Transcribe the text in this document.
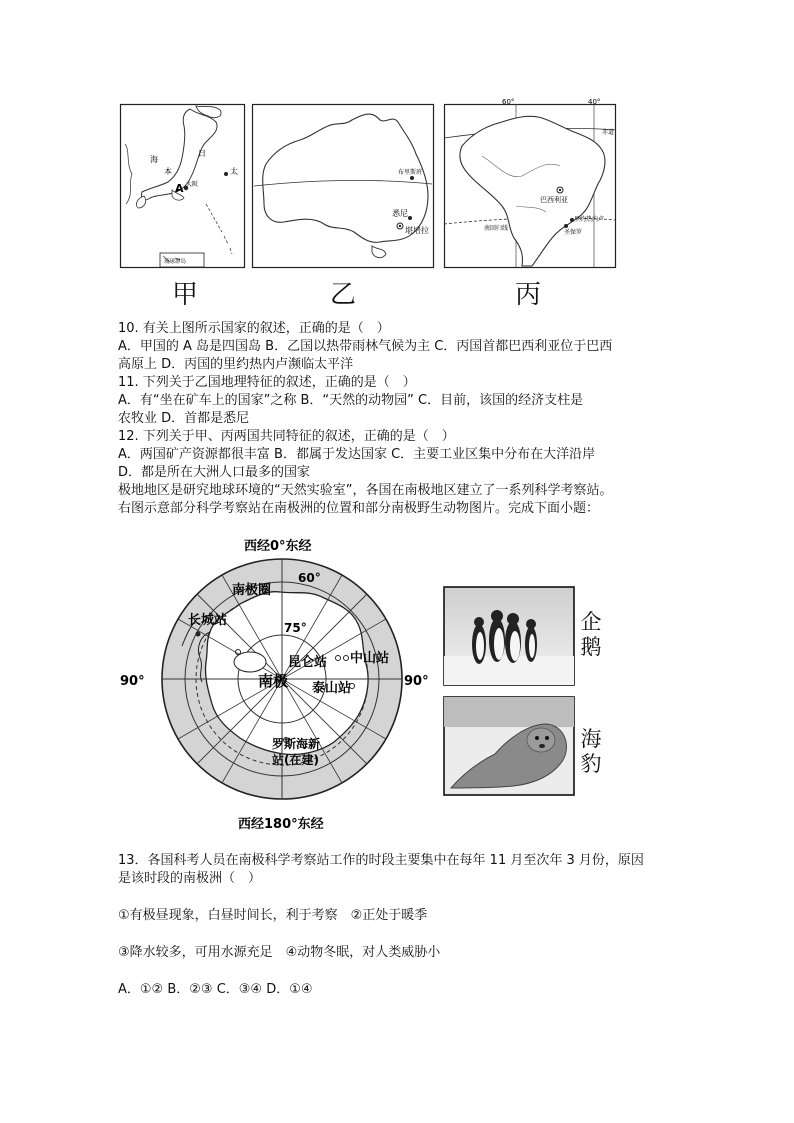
海
本
日
太
A 大阪
琉球群岛
布里斯班
悉尼
堪培拉
60°	40°
赤道
巴西利亚
里约热内卢
圣保罗
南回归线
甲	乙	丙
10. 有关上图所示国家的叙述，正确的是（　）
A．甲国的 A 岛是四国岛 B．乙国以热带雨林气候为主 C．丙国首都巴西利亚位于巴西
高原上 D．丙国的里约热内卢濒临太平洋
11. 下列关于乙国地理特征的叙述，正确的是（　）
A．有“坐在矿车上的国家”之称 B．“天然的动物园” C．目前，该国的经济支柱是
农牧业 D．首都是悉尼
12. 下列关于甲、丙两国共同特征的叙述，正确的是（　）
A．两国矿产资源都很丰富 B．都属于发达国家 C．主要工业区集中分布在大洋沿岸
D．都是所在大洲人口最多的国家
极地地区是研究地球环境的“天然实验室”，各国在南极地区建立了一系列科学考察站。
右图示意部分科学考察站在南极洲的位置和部分南极野生动物图片。完成下面小题：
西经0°东经
西经180°东经
90°	90°
60°
75°
南极圈
南极
长城站
昆仑站 中山站
泰山站
罗斯海新
站(在建)
企
鹅
海
豹
13．各国科考人员在南极科学考察站工作的时段主要集中在每年 11 月至次年 3 月份，原因
是该时段的南极洲（　）
①有极昼现象，白昼时间长，利于考察　②正处于暖季
③降水较多，可用水源充足　④动物冬眠，对人类威胁小
A．①② B．②③ C．③④ D．①④
